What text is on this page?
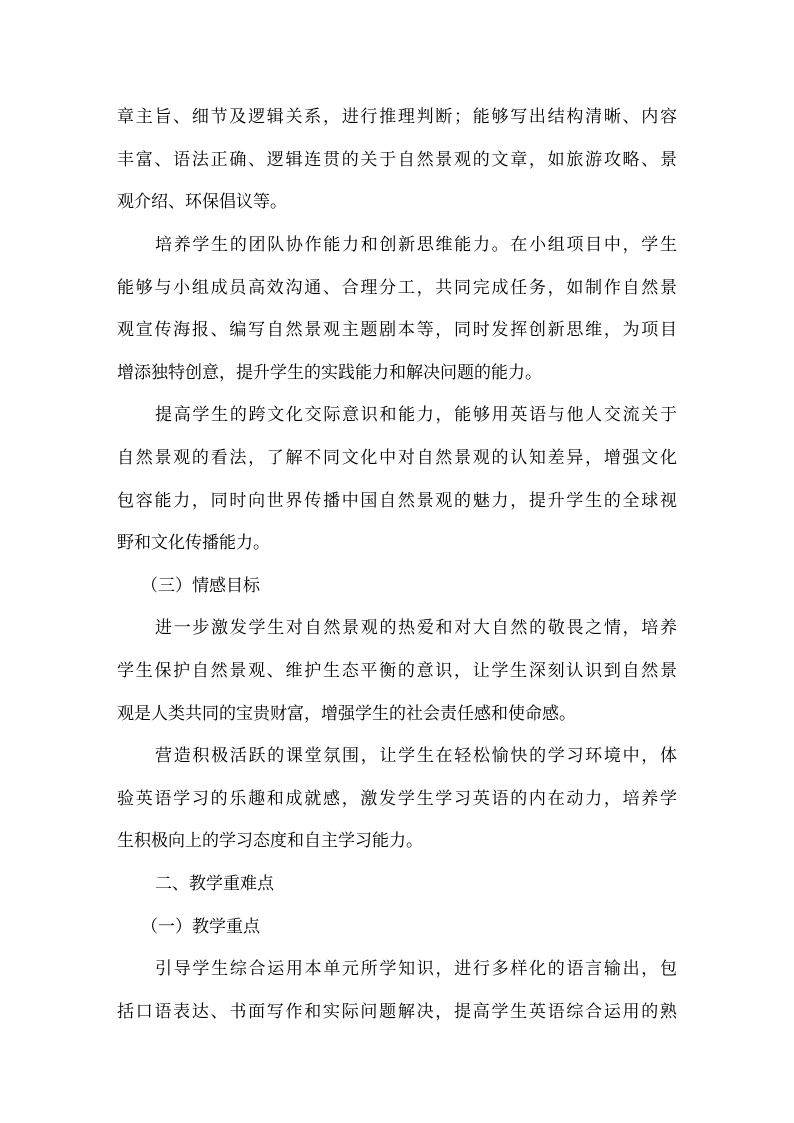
章主旨、细节及逻辑关系，进行推理判断；能够写出结构清晰、内容
丰富、语法正确、逻辑连贯的关于自然景观的文章，如旅游攻略、景
观介绍、环保倡议等。
培养学生的团队协作能力和创新思维能力。在小组项目中，学生
能够与小组成员高效沟通、合理分工，共同完成任务，如制作自然景
观宣传海报、编写自然景观主题剧本等，同时发挥创新思维，为项目
增添独特创意，提升学生的实践能力和解决问题的能力。
提高学生的跨文化交际意识和能力，能够用英语与他人交流关于
自然景观的看法，了解不同文化中对自然景观的认知差异，增强文化
包容能力，同时向世界传播中国自然景观的魅力，提升学生的全球视
野和文化传播能力。
（三）情感目标
进一步激发学生对自然景观的热爱和对大自然的敬畏之情，培养
学生保护自然景观、维护生态平衡的意识，让学生深刻认识到自然景
观是人类共同的宝贵财富，增强学生的社会责任感和使命感。
营造积极活跃的课堂氛围，让学生在轻松愉快的学习环境中，体
验英语学习的乐趣和成就感，激发学生学习英语的内在动力，培养学
生积极向上的学习态度和自主学习能力。
二、教学重难点
（一）教学重点
引导学生综合运用本单元所学知识，进行多样化的语言输出，包
括口语表达、书面写作和实际问题解决，提高学生英语综合运用的熟
